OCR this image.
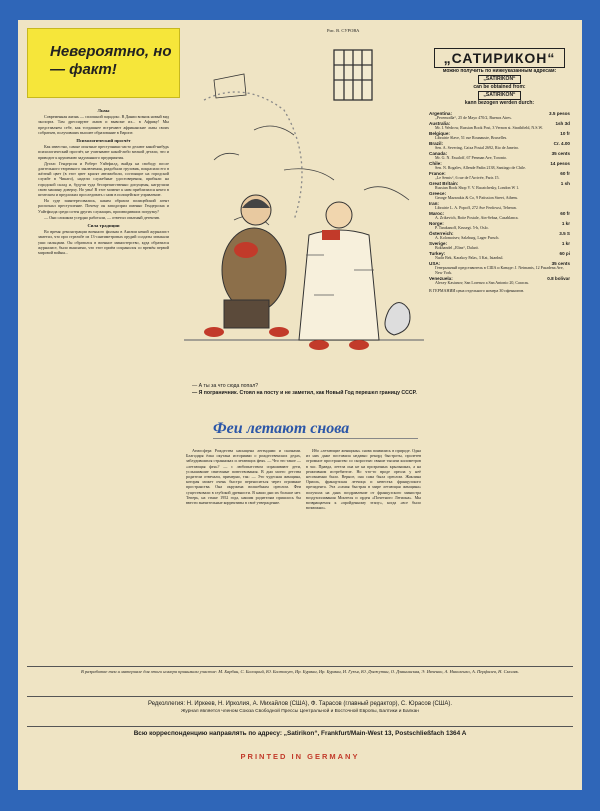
Невероятно, но — факт!
Львы

Современная жизнь — сплошной парадокс. В Дании возник новый вид экспорта. Там дрессируют львов и вывозят их... в Африку! Мы представляем себе, как тогдашнее встречают африканские львы своих собратьев, получивших высшее образование в Европе.

Психологический просчёт

Как известно, самые опытные преступники часто делают какой-нибудь психологический просчёт, не учитывают какой-либо мелкой детали, что и приводит к крушению задуманного предприятия.

Дуглас Гендерсон и Роберт Уайтфилд, выйдя на свободу после длительного тюремного заключения, раздобыли грузовик, покрасили его в жёлтый цвет (в этот цвет красят автомобили, состоящие на городской службе в Чикаго), надели служебные удостоверения, прибыли на городской склад и, будучи туда беспрепятственно допущены, нагрузили свою машину доверху. Но увы! В этот момент к ним приблизился некто в штатском и предложил проследовать с ним в полицейское управление.

На суде заинтересовались, каким образом полицейский агент распознал преступление. Почему он заподозрил именно Гендерсона и Уайтфилда среди сотен других служащих, производивших погрузку?

— Они слишком усердно работали, — ответил опытный детектив.

Сила традиции

Во время демонстрации военного фильма в Англии некий журналист заметил, что при стрельбе из 13-сантиметровых орудий солдаты затыкали уши пальцами. Он обратился в военное министерство, куда обратился журналист, было выяснено, что этот приём сохранился со времён первой мировой войны...

Рис. В. СУРОВА
— А ты за что сюда попал?
— Я пограничник. Стоял на посту и не заметил, как Новый Год перешел границу СССР.
Феи летают снова

Атмосфера Рождества насыщена легендами и сказками. Благодаря ёлка окутана историями о рождественских дедах, заблудившихся странниках и летающих феях. — Что это такое — «летающая фея»? — с любопытством спрашивают дети, услышавшие святочные повествования. В дни моего детства родители отвечали, примерно, так: — Это чудесная женщина, которая может очень быстро переноситься через огромные пространства. Она окружена волшебным ореолом. Феи существовали в глубокой древности. В наши дни их больше нет. Теперь, на стыке 1952 года, нашим родителям пришлось бы ввести значительные коррективы в своё утверждение.

Ибо «летающие женщины» снова появились в природе. Одна из них даже поставила недавно рекорд быстроты, пролетев огромное пространство со скоростью свыше тысячи километров в час. Правда, летела она не на прозрачных крылышках, а на реактивном истребителе. Но что-то вроде ореола у неё несомненно было. Верное, она сама была ореолом. Жаклина Ориоль, французская летчица и невестка французского президента. Эта «самая быстрая в мире летающая женщина» получила на днях поздравление от французского министра воздухоплавания Монтеля и орден «Почетного Легиона». Мы возвращаемся к «пройденному этапу», когда «все было возможно».

„САТИРИКОН“
можно получить по нижеуказанным адресам:
„SATIRIKON“
can be obtained from:
„SATIRIKON“
kann bezogen werden durch:
Argentina:	3.5 pesos
„Pecemodla“, 25 de Mayo 470/2, Buenos Aires.
Australia:	1sh 3d
Mr. I. Wedrow, Russian Book Post, 3 Vernon st. Strathfield, N.S.W.
Belgique:	10 fr
Librairie Slave, 51 rue Rounauste, Bruxelles.
Brazil:	Cr. 4.00
Sen. A. Severing, Caixa Postal 2692, Rio de Janeiro.
Canada:	35 cents
Mr. G. N. Essaloff, 67 Penman Ave, Toronto.
Chile:	14 pesos
Sen. N. Rogalev, Allende Padin 2138, Santiago de Chile.
France:	60 fr
„Le Semis“, 6 rue de l'Arrivée, Paris 15.
Great Britain:	1 sh
Russian Book Shop V. V. Bacatchesky, London W 1.
Greece:
George Mazarakis & Co, 9 Patission Street, Athens.
Iran:
Librairie L. A. Popoff, 272 Ave Ferdowsi, Teheran.
Maroc:	60 fr
A. Zrikevich, Boite Postale, Ain-Sebaa, Casablanca.
Norge:	1 kr
P. Tarakanoff, Krusegt. 5-b, Oslo.
Österreich:	3.5 S
A. Kolomoisev, Salzburg, Lager Parsch.
Sverige:	1 kr
Bokhandel „Elins“, Dalarö.
Turkey:	60 pi
Nadir Bek, Karakoy Palas, 3 Kat, Istanbul.
USA:	35 cents
Генеральный представитель в США и Канаде: J. Neimanis, 12 Pasadena Ave, New York.
Venezuela:	0.8 bolivar
Alexey Kasianov, San Lorenzo a San Antonio 20, Caracas.
В ГЕРМАНИИ цена отдельного номера 30 пфеннигов.
В разработке тем и материале для этого номера принимали участие: М. Барбин, С. Балоцкий, Ю. Балтокут, Ир. Бурман, Ир. Бурман, И. Гузъя, Ю. Дзяжутин, О. Дзяшинская, Э. Ивченко, А. Николенко, А. Перфилев, Н. Смоляк.
Редколлегия: Н. Иркеев, Н. Ирколия, А. Михайлов (США), Ф. Тарасов (главный редактор), С. Юрасов (США).
Журнал является членом Союза Свободной Прессы Центральной и Восточной Европы, Балтики и Балкан
Всю корреспонденцию направлять по адресу: „Satirikon“, Frankfurt/Main-West 13, Postschließfach 1364 A
PRINTED IN GERMANY
